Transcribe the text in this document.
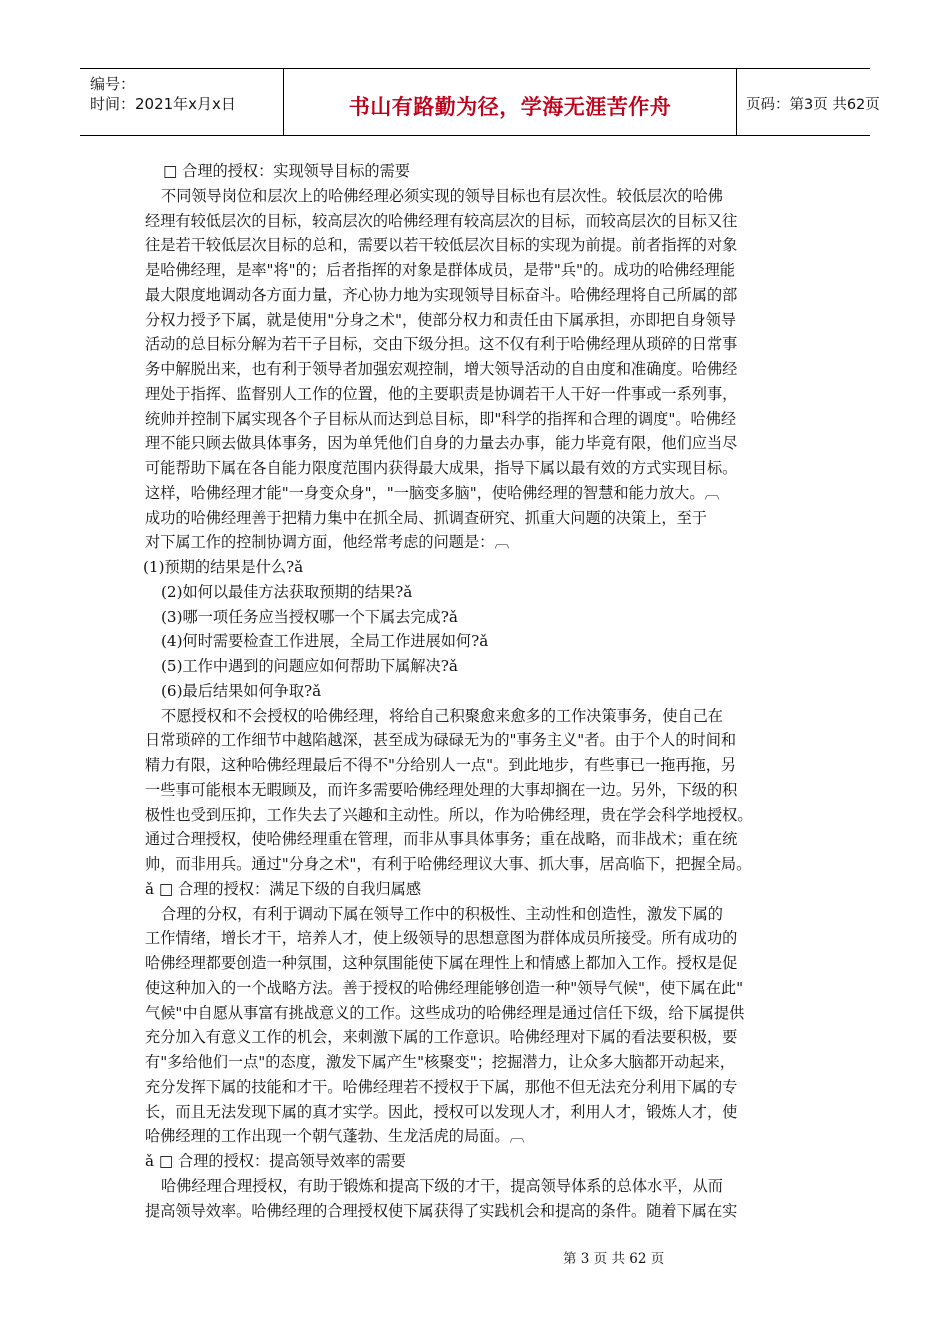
编号：
时间：2021年x月x日	书山有路勤为径，学海无涯苦作舟	页码：第3页 共62页
□ 合理的授权：实现领导目标的需要
不同领导岗位和层次上的哈佛经理必须实现的领导目标也有层次性。较低层次的哈佛
经理有较低层次的目标，较高层次的哈佛经理有较高层次的目标，而较高层次的目标又往
往是若干较低层次目标的总和，需要以若干较低层次目标的实现为前提。前者指挥的对象
是哈佛经理，是率"将"的；后者指挥的对象是群体成员，是带"兵"的。成功的哈佛经理能
最大限度地调动各方面力量，齐心协力地为实现领导目标奋斗。哈佛经理将自己所属的部
分权力授予下属，就是使用"分身之术"，使部分权力和责任由下属承担，亦即把自身领导
活动的总目标分解为若干子目标，交由下级分担。这不仅有利于哈佛经理从琐碎的日常事
务中解脱出来，也有利于领导者加强宏观控制，增大领导活动的自由度和准确度。哈佛经
理处于指挥、监督别人工作的位置，他的主要职责是协调若干人干好一件事或一系列事，
统帅并控制下属实现各个子目标从而达到总目标，即"科学的指挥和合理的调度"。哈佛经
理不能只顾去做具体事务，因为单凭他们自身的力量去办事，能力毕竟有限，他们应当尽
可能帮助下属在各自能力限度范围内获得最大成果，指导下属以最有效的方式实现目标。
这样，哈佛经理才能"一身变众身"，"一脑变多脑"，使哈佛经理的智慧和能力放大。︹
成功的哈佛经理善于把精力集中在抓全局、抓调查研究、抓重大问题的决策上，至于
对下属工作的控制协调方面，他经常考虑的问题是：︹
(1)预期的结果是什么?ǎ
(2)如何以最佳方法获取预期的结果?ǎ
(3)哪一项任务应当授权哪一个下属去完成?ǎ
(4)何时需要检查工作进展，全局工作进展如何?ǎ
(5)工作中遇到的问题应如何帮助下属解决?ǎ
(6)最后结果如何争取?ǎ
不愿授权和不会授权的哈佛经理，将给自己积聚愈来愈多的工作决策事务，使自己在
日常琐碎的工作细节中越陷越深，甚至成为碌碌无为的"事务主义"者。由于个人的时间和
精力有限，这种哈佛经理最后不得不"分给别人一点"。到此地步，有些事已一拖再拖，另
一些事可能根本无暇顾及，而许多需要哈佛经理处理的大事却搁在一边。另外，下级的积
极性也受到压抑，工作失去了兴趣和主动性。所以，作为哈佛经理，贵在学会科学地授权。
通过合理授权，使哈佛经理重在管理，而非从事具体事务；重在战略，而非战术；重在统
帅，而非用兵。通过"分身之术"，有利于哈佛经理议大事、抓大事，居高临下，把握全局。
ǎ □ 合理的授权：满足下级的自我归属感
合理的分权，有利于调动下属在领导工作中的积极性、主动性和创造性，激发下属的
工作情绪，增长才干，培养人才，使上级领导的思想意图为群体成员所接受。所有成功的
哈佛经理都要创造一种氛围，这种氛围能使下属在理性上和情感上都加入工作。授权是促
使这种加入的一个战略方法。善于授权的哈佛经理能够创造一种"领导气候"，使下属在此"
气候"中自愿从事富有挑战意义的工作。这些成功的哈佛经理是通过信任下级，给下属提供
充分加入有意义工作的机会，来刺激下属的工作意识。哈佛经理对下属的看法要积极，要
有"多给他们一点"的态度，激发下属产生"核聚变"；挖掘潜力，让众多大脑都开动起来，
充分发挥下属的技能和才干。哈佛经理若不授权于下属，那他不但无法充分利用下属的专
长，而且无法发现下属的真才实学。因此，授权可以发现人才，利用人才，锻炼人才，使
哈佛经理的工作出现一个朝气蓬勃、生龙活虎的局面。︹
ǎ □ 合理的授权：提高领导效率的需要
哈佛经理合理授权，有助于锻炼和提高下级的才干，提高领导体系的总体水平，从而
提高领导效率。哈佛经理的合理授权使下属获得了实践机会和提高的条件。随着下属在实
第 3 页 共 62 页
